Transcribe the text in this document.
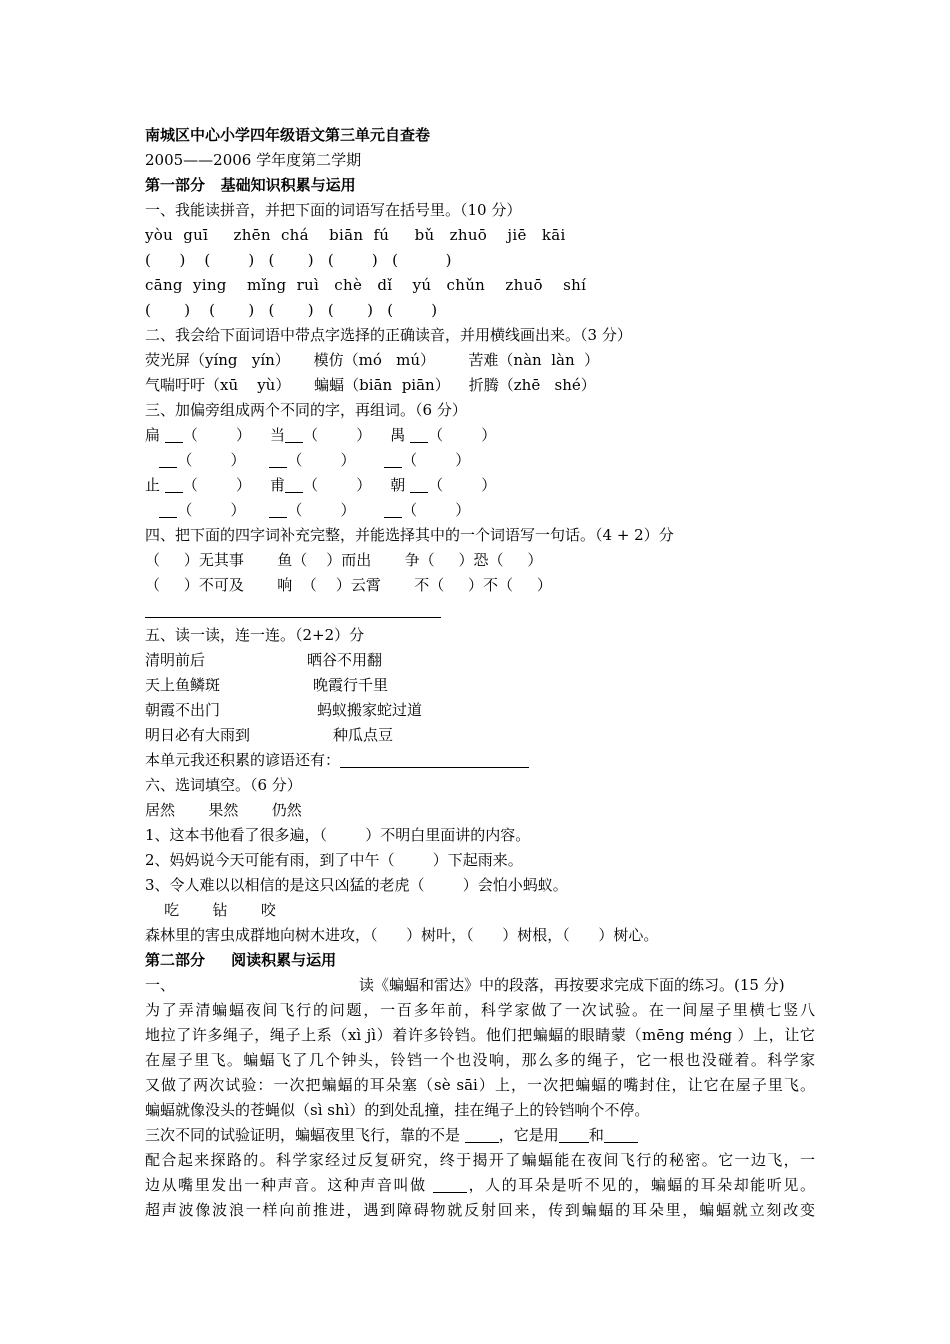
南城区中心小学四年级语文第三单元自查卷
2005——2006 学年度第二学期
第一部分   基础知识积累与运用
一、我能读拼音，并把下面的词语写在括号里。（10 分）
yòu  guī     zhēn  chá    biān  fú     bǔ   zhuō    jiē   kāi
(      )    (        )   (       )   (        )   (          )
cāng  ying    mǐng  ruì   chè   dǐ    yú   chǔn    zhuō    shí
(       )    (       )   (       )   (       )   (        )
二、我会给下面词语中带点字选择的正确读音，并用横线画出来。（3 分）
荧光屏（yíng   yín）     模仿（mó   mú）       苦难（nàn  làn  ）
气喘吁吁（xū    yù）     蝙蝠（biān  piān）    折腾（zhē   shé）
三、加偏旁组成两个不同的字，再组词。（6 分）
扁 （        ） 当 （        ） 禺 （        ）
（        ）	（        ）	（        ）
止 （        ） 甫 （        ） 朝 （        ）
（        ）	（        ）	（        ）
四、把下面的四字词补充完整，并能选择其中的一个词语写一句话。（4 + 2）分
（     ）无其事       鱼（    ）而出       争（     ）恐（     ）
（     ）不可及       响  （    ）云霄       不（     ）不（     ）
五、读一读，连一连。（2+2）分
清明前后	晒谷不用翻
天上鱼鳞斑	晚霞行千里
朝霞不出门	蚂蚁搬家蛇过道
明日必有大雨到	种瓜点豆
本单元我还积累的谚语还有：
六、选词填空。（6 分）
居然       果然       仍然
1、这本书他看了很多遍，（        ）不明白里面讲的内容。
2、妈妈说今天可能有雨，到了中午（        ）下起雨来。
3、令人难以以相信的是这只凶猛的老虎（        ）会怕小蚂蚁。
吃       钻       咬
森林里的害虫成群地向树木进攻，（      ）树叶，（      ）树根，（      ）树心。
第二部分     阅读积累与运用
一、	读《蝙蝠和雷达》中的段落，再按要求完成下面的练习。(15 分)
为了弄清蝙蝠夜间飞行的问题，一百多年前，科学家做了一次试验。在一间屋子里横七竖八
地拉了许多绳子，绳子上系（xì jì）着许多铃铛。他们把蝙蝠的眼睛蒙（mēng méng ）上，让它
在屋子里飞。蝙蝠飞了几个钟头，铃铛一个也没响，那么多的绳子，它一根也没碰着。科学家
又做了两次试验：一次把蝙蝠的耳朵塞（sè sāi）上，一次把蝙蝠的嘴封住，让它在屋子里飞。
蝙蝠就像没头的苍蝇似（sì shì）的到处乱撞，挂在绳子上的铃铛响个不停。
三次不同的试验证明，蝙蝠夜里飞行，靠的不是	，它是用 和
配合起来探路的。科学家经过反复研究，终于揭开了蝙蝠能在夜间飞行的秘密。它一边飞，一
边从嘴里发出一种声音。这种声音叫做	，人的耳朵是听不见的，蝙蝠的耳朵却能听见。
超声波像波浪一样向前推进，遇到障碍物就反射回来，传到蝙蝠的耳朵里，蝙蝠就立刻改变
